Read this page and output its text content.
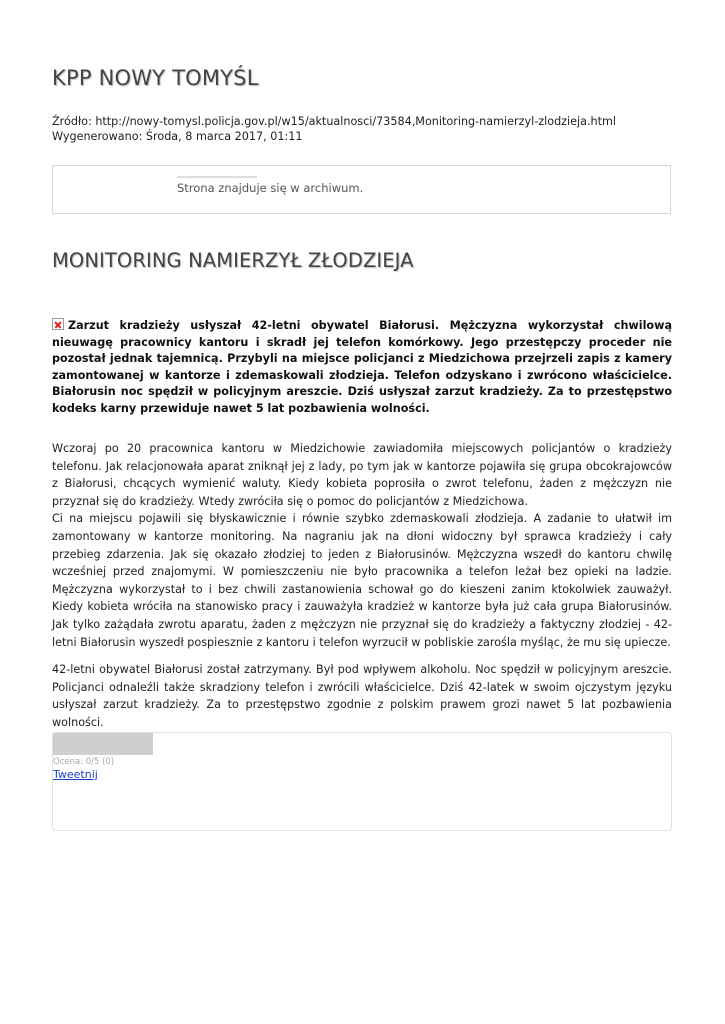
KPP NOWY TOMYŚL
Źródło: http://nowy-tomysl.policja.gov.pl/w15/aktualnosci/73584,Monitoring-namierzyl-zlodzieja.html
Wygenerowano: Środa, 8 marca 2017, 01:11
Strona znajduje się w archiwum.
MONITORING NAMIERZYŁ ZŁODZIEJA

Zarzut kradzieży usłyszał 42-letni obywatel Białorusi. Mężczyzna wykorzystał chwilową nieuwagę pracownicy kantoru i skradł jej telefon komórkowy. Jego przestępczy proceder nie pozostał jednak tajemnicą. Przybyli na miejsce policjanci z Miedzichowa przejrzeli zapis z kamery zamontowanej w kantorze i zdemaskowali złodzieja. Telefon odzyskano i zwrócono właścicielce. Białorusin noc spędził w policyjnym areszcie. Dziś usłyszał zarzut kradzieży. Za to przestępstwo kodeks karny przewiduje nawet 5 lat pozbawienia wolności.

Wczoraj po 20 pracownica kantoru w Miedzichowie zawiadomiła miejscowych policjantów o kradzieży telefonu. Jak relacjonowała aparat zniknął jej z lady, po tym jak w kantorze pojawiła się grupa obcokrajowców z Białorusi, chcących wymienić waluty. Kiedy kobieta poprosiła o zwrot telefonu, żaden z mężczyzn nie przyznał się do kradzieży. Wtedy zwróciła się o pomoc do policjantów z Miedzichowa.

Ci na miejscu pojawili się błyskawicznie i równie szybko zdemaskowali złodzieja. A zadanie to ułatwił im zamontowany w kantorze monitoring. Na nagraniu jak na dłoni widoczny był sprawca kradzieży i cały przebieg zdarzenia. Jak się okazało złodziej to jeden z Białorusinów. Mężczyzna wszedł do kantoru chwilę wcześniej przed znajomymi. W pomieszczeniu nie było pracownika a telefon leżał bez opieki na ladzie. Mężczyzna wykorzystał to i bez chwili zastanowienia schował go do kieszeni zanim ktokolwiek zauważył. Kiedy kobieta wróciła na stanowisko pracy i zauważyła kradzież w kantorze była już cała grupa Białorusinów. Jak tylko zażądała zwrotu aparatu, żaden z mężczyzn nie przyznał się do kradzieży a faktyczny złodziej - 42-letni Białorusin wyszedł pospiesznie z kantoru i telefon wyrzucił w pobliskie zarośla myśląc, że mu się upiecze.

42-letni obywatel Białorusi został zatrzymany. Był pod wpływem alkoholu. Noc spędził w policyjnym areszcie. Policjanci odnaleźli także skradziony telefon i zwrócili właścicielce. Dziś 42-latek w swoim ojczystym języku usłyszał zarzut kradzieży. Za to przestępstwo zgodnie z polskim prawem grozi nawet 5 lat pozbawienia wolności.

Ocena: 0/5 (0)
Tweetnij
